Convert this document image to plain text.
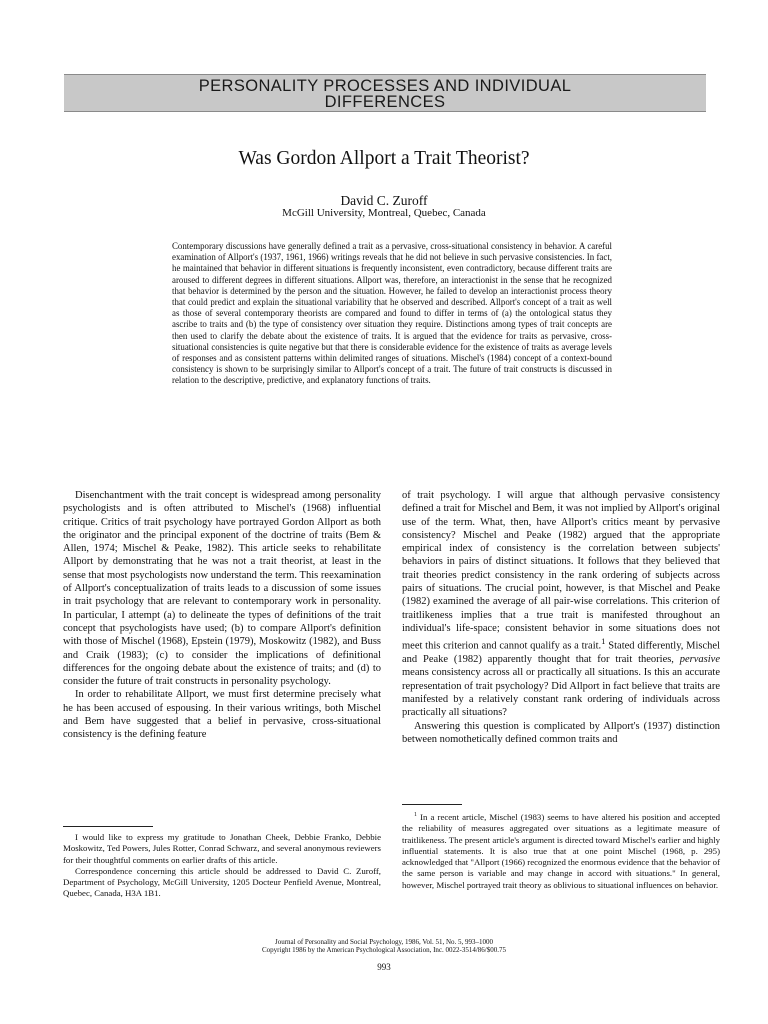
PERSONALITY PROCESSES AND INDIVIDUAL
DIFFERENCES
Was Gordon Allport a Trait Theorist?
David C. Zuroff
McGill University, Montreal, Quebec, Canada

Contemporary discussions have generally defined a trait as a pervasive, cross-situational consistency in behavior. A careful examination of Allport's (1937, 1961, 1966) writings reveals that he did not believe in such pervasive consistencies. In fact, he maintained that behavior in different situations is frequently inconsistent, even contradictory, because different traits are aroused to different degrees in different situations. Allport was, therefore, an interactionist in the sense that he recognized that behavior is determined by the person and the situation. However, he failed to develop an interactionist process theory that could predict and explain the situational variability that he observed and described. Allport's concept of a trait as well as those of several contemporary theorists are compared and found to differ in terms of (a) the ontological status they ascribe to traits and (b) the type of consistency over situation they require. Distinctions among types of trait concepts are then used to clarify the debate about the existence of traits. It is argued that the evidence for traits as pervasive, cross-situational consistencies is quite negative but that there is considerable evidence for the existence of traits as average levels of responses and as consistent patterns within delimited ranges of situations. Mischel's (1984) concept of a context-bound consistency is shown to be surprisingly similar to Allport's concept of a trait. The future of trait constructs is discussed in relation to the descriptive, predictive, and explanatory functions of traits.

Disenchantment with the trait concept is widespread among personality psychologists and is often attributed to Mischel's (1968) influential critique. Critics of trait psychology have portrayed Gordon Allport as both the originator and the principal exponent of the doctrine of traits (Bem & Allen, 1974; Mischel & Peake, 1982). This article seeks to rehabilitate Allport by demonstrating that he was not a trait theorist, at least in the sense that most psychologists now understand the term. This reexamination of Allport's conceptualization of traits leads to a discussion of some issues in trait psychology that are relevant to contemporary work in personality. In particular, I attempt (a) to delineate the types of definitions of the trait concept that psychologists have used; (b) to compare Allport's definition with those of Mischel (1968), Epstein (1979), Moskowitz (1982), and Buss and Craik (1983); (c) to consider the implications of definitional differences for the ongoing debate about the existence of traits; and (d) to consider the future of trait constructs in personality psychology.

In order to rehabilitate Allport, we must first determine precisely what he has been accused of espousing. In their various writings, both Mischel and Bem have suggested that a belief in pervasive, cross-situational consistency is the defining feature

of trait psychology. I will argue that although pervasive consistency defined a trait for Mischel and Bem, it was not implied by Allport's original use of the term. What, then, have Allport's critics meant by pervasive consistency? Mischel and Peake (1982) argued that the appropriate empirical index of consistency is the correlation between subjects' behaviors in pairs of distinct situations. It follows that they believed that trait theories predict consistency in the rank ordering of subjects across pairs of situations. The crucial point, however, is that Mischel and Peake (1982) examined the average of all pair-wise correlations. This criterion of traitlikeness implies that a true trait is manifested throughout an individual's life-space; consistent behavior in some situations does not meet this criterion and cannot qualify as a trait.$^1$ Stated differently, Mischel and Peake (1982) apparently thought that for trait theories, pervasive means consistency across all or practically all situations. Is this an accurate representation of trait psychology? Did Allport in fact believe that traits are manifested by a relatively constant rank ordering of individuals across practically all situations?

Answering this question is complicated by Allport's (1937) distinction between nomothetically defined common traits and

I would like to express my gratitude to Jonathan Cheek, Debbie Franko, Debbie Moskowitz, Ted Powers, Jules Rotter, Conrad Schwarz, and several anonymous reviewers for their thoughtful comments on earlier drafts of this article.

Correspondence concerning this article should be addressed to David C. Zuroff, Department of Psychology, McGill University, 1205 Docteur Penfield Avenue, Montreal, Quebec, Canada, H3A 1B1.

$^1$ In a recent article, Mischel (1983) seems to have altered his position and accepted the reliability of measures aggregated over situations as a legitimate measure of traitlikeness. The present article's argument is directed toward Mischel's earlier and highly influential statements. It is also true that at one point Mischel (1968, p. 295) acknowledged that "Allport (1966) recognized the enormous evidence that the behavior of the same person is variable and may change in accord with situations." In general, however, Mischel portrayed trait theory as oblivious to situational influences on behavior.

Journal of Personality and Social Psychology, 1986, Vol. 51, No. 5, 993–1000
Copyright 1986 by the American Psychological Association, Inc. 0022-3514/86/$00.75
993
